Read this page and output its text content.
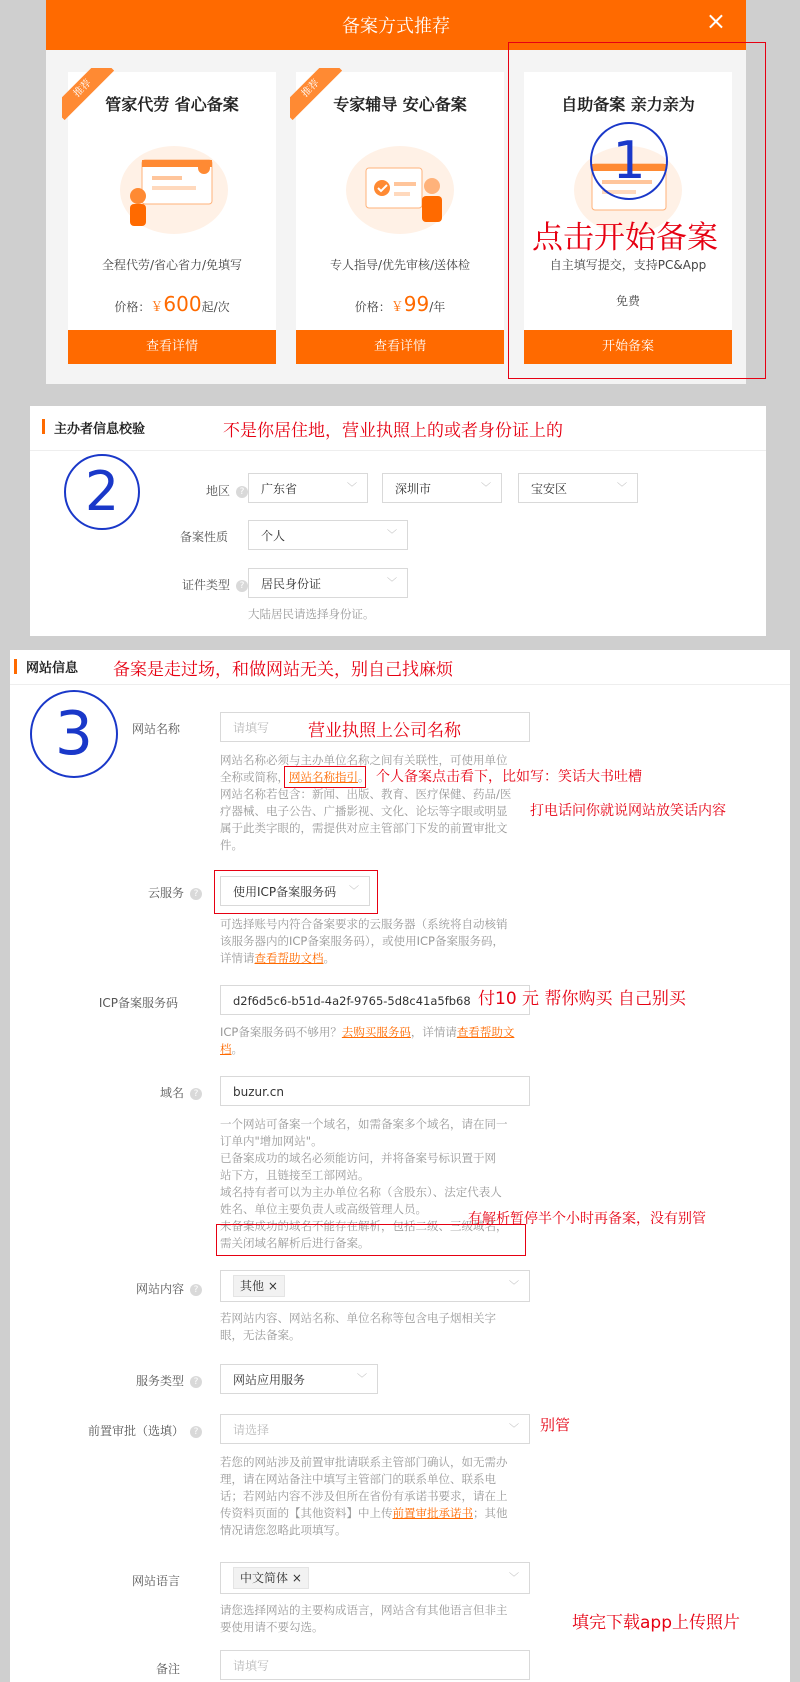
备案方式推荐	×
推荐
管家代劳 省心备案
全程代劳/省心省力/免填写
价格：￥600起/次
查看详情
推荐
专家辅导 安心备案
专人指导/优先审核/送体检
价格：￥99/年
查看详情
自助备案 亲力亲为
自主填写提交，支持PC&App
免费
开始备案
1
点击开始备案
主办者信息校验	不是你居住地，营业执照上的或者身份证上的
2	地区 ?	广东省	﹀	深圳市	﹀	宝安区	﹀
备案性质	个人	﹀
证件类型 ?	居民身份证	﹀
大陆居民请选择身份证。
网站信息 备案是走过场，和做网站无关，别自己找麻烦
3	网站名称	请填写	营业执照上公司名称
网站名称必须与主办单位名称之间有关联性，可使用单位
全称或简称，网站名称指引。
网站名称若包含：新闻、出版、教育、医疗保健、药品/医
疗器械、电子公告、广播影视、文化、论坛等字眼或明显
属于此类字眼的，需提供对应主管部门下发的前置审批文
件。
个人备案点击看下，比如写：笑话大书吐槽
打电话问你就说网站放笑话内容
云服务 ?	使用ICP备案服务码 ﹀
可选择账号内符合备案要求的云服务器（系统将自动核销
该服务器内的ICP备案服务码），或使用ICP备案服务码，
详情请查看帮助文档。
ICP备案服务码	d2f6d5c6-b51d-4a2f-9765-5d8c41a5fb68 付10 元 帮你购买 自己别买
ICP备案服务码不够用？去购买服务码，详情请查看帮助文
档。
域名 ?	buzur.cn
一个网站可备案一个域名，如需备案多个域名，请在同一
订单内"增加网站"。
已备案成功的域名必须能访问，并将备案号标识置于网
站下方，且链接至工部网站。
域名持有者可以为主办单位名称（含股东）、法定代表人
姓名、单位主要负责人或高级管理人员。
未备案成功的域名不能存在解析，包括二级、三级域名，
需关闭域名解析后进行备案。
有解析暂停半个小时再备案，没有别管
网站内容 ?	其他 ×	﹀
若网站内容、网站名称、单位名称等包含电子烟相关字
眼，无法备案。
服务类型 ?	网站应用服务	﹀
前置审批（选填） ?	请选择	﹀ 别管
若您的网站涉及前置审批请联系主管部门确认，如无需办
理，请在网站备注中填写主管部门的联系单位、联系电
话；若网站内容不涉及但所在省份有承诺书要求，请在上
传资料页面的【其他资料】中上传前置审批承诺书；其他
情况请您忽略此项填写。
网站语言	中文简体 ×	﹀
请您选择网站的主要构成语言，网站含有其他语言但非主
要使用请不要勾选。	填完下载app上传照片
备注	请填写
